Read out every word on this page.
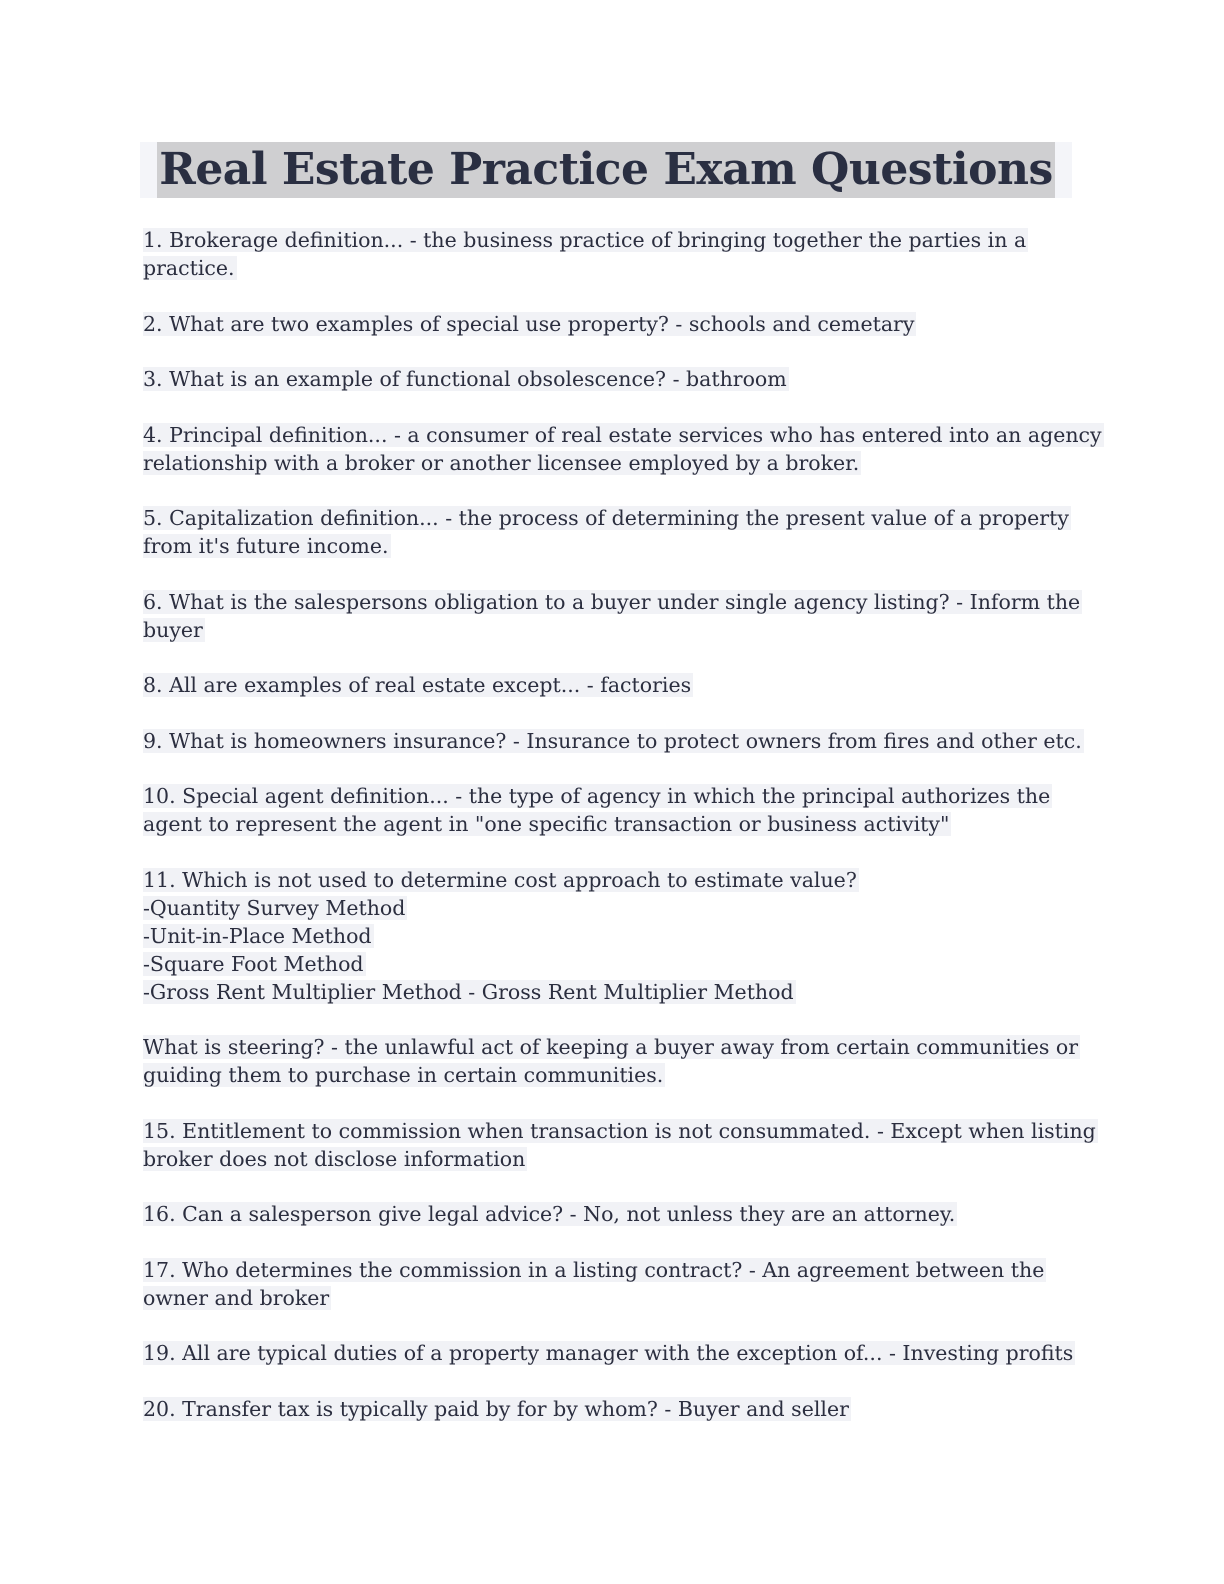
Real Estate Practice Exam Questions
1. Brokerage definition... - the business practice of bringing together the parties in a
practice.
2. What are two examples of special use property? - schools and cemetary
3. What is an example of functional obsolescence? - bathroom
4. Principal definition... - a consumer of real estate services who has entered into an agency
relationship with a broker or another licensee employed by a broker.
5. Capitalization definition... - the process of determining the present value of a property
from it's future income.
6. What is the salespersons obligation to a buyer under single agency listing? - Inform the
buyer
8. All are examples of real estate except... - factories
9. What is homeowners insurance? - Insurance to protect owners from fires and other etc.
10. Special agent definition... - the type of agency in which the principal authorizes the
agent to represent the agent in "one specific transaction or business activity"
11. Which is not used to determine cost approach to estimate value?
-Quantity Survey Method
-Unit-in-Place Method
-Square Foot Method
-Gross Rent Multiplier Method - Gross Rent Multiplier Method
What is steering? - the unlawful act of keeping a buyer away from certain communities or
guiding them to purchase in certain communities.
15. Entitlement to commission when transaction is not consummated. - Except when listing
broker does not disclose information
16. Can a salesperson give legal advice? - No, not unless they are an attorney.
17. Who determines the commission in a listing contract? - An agreement between the
owner and broker
19. All are typical duties of a property manager with the exception of... - Investing profits
20. Transfer tax is typically paid by for by whom? - Buyer and seller
